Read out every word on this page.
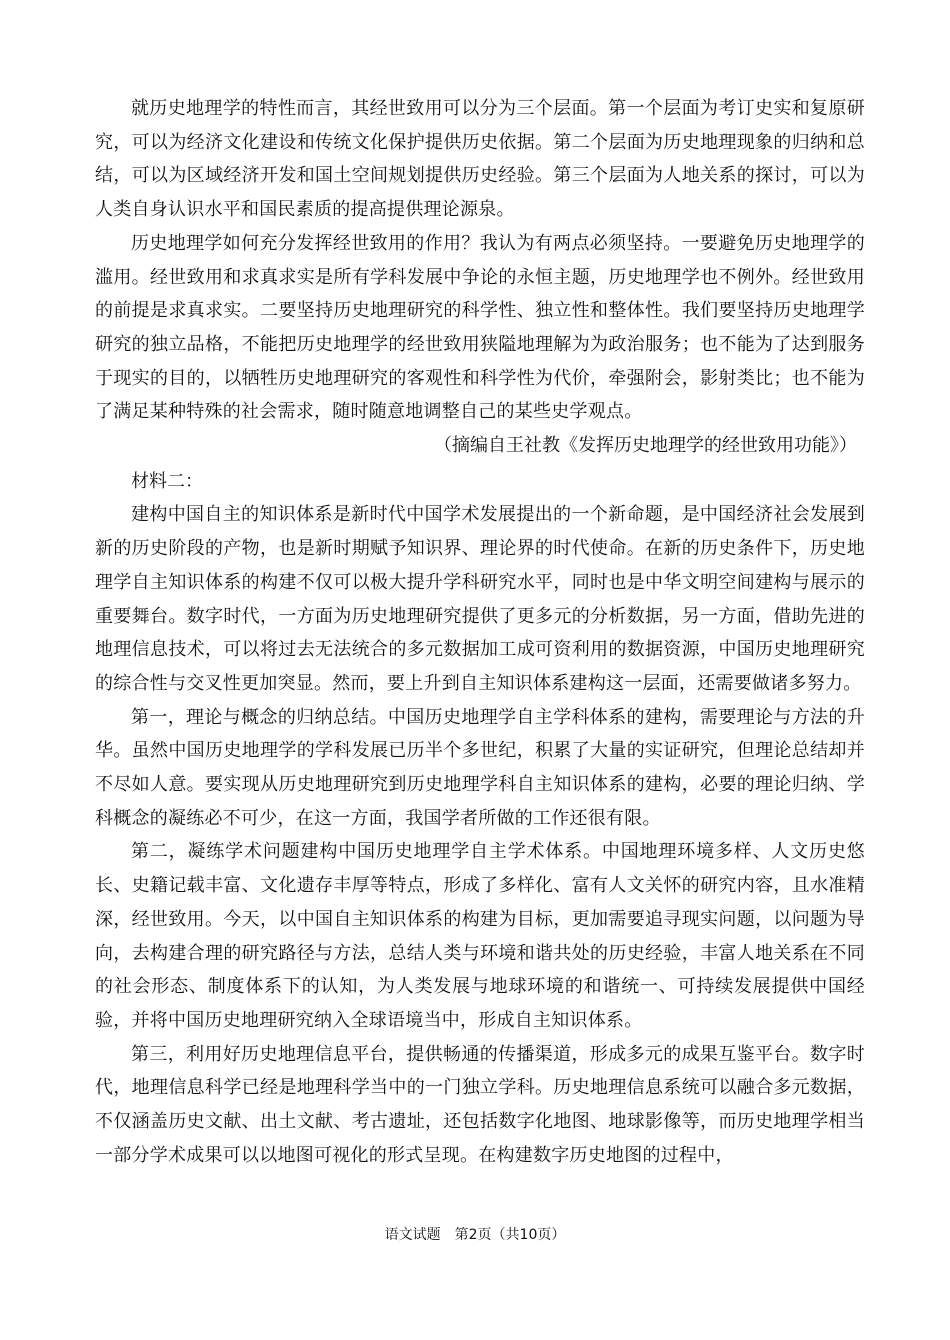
就历史地理学的特性而言，其经世致用可以分为三个层面。第一个层面为考订史实和复原研究，可以为经济文化建设和传统文化保护提供历史依据。第二个层面为历史地理现象的归纳和总结，可以为区域经济开发和国土空间规划提供历史经验。第三个层面为人地关系的探讨，可以为人类自身认识水平和国民素质的提高提供理论源泉。

历史地理学如何充分发挥经世致用的作用？我认为有两点必须坚持。一要避免历史地理学的滥用。经世致用和求真求实是所有学科发展中争论的永恒主题，历史地理学也不例外。经世致用的前提是求真求实。二要坚持历史地理研究的科学性、独立性和整体性。我们要坚持历史地理学研究的独立品格，不能把历史地理学的经世致用狭隘地理解为为政治服务；也不能为了达到服务于现实的目的，以牺牲历史地理研究的客观性和科学性为代价，牵强附会，影射类比；也不能为了满足某种特殊的社会需求，随时随意地调整自己的某些史学观点。

（摘编自王社教《发挥历史地理学的经世致用功能》）

材料二：

建构中国自主的知识体系是新时代中国学术发展提出的一个新命题，是中国经济社会发展到新的历史阶段的产物，也是新时期赋予知识界、理论界的时代使命。在新的历史条件下，历史地理学自主知识体系的构建不仅可以极大提升学科研究水平，同时也是中华文明空间建构与展示的重要舞台。数字时代，一方面为历史地理研究提供了更多元的分析数据，另一方面，借助先进的地理信息技术，可以将过去无法统合的多元数据加工成可资利用的数据资源，中国历史地理研究的综合性与交叉性更加突显。然而，要上升到自主知识体系建构这一层面，还需要做诸多努力。

第一，理论与概念的归纳总结。中国历史地理学自主学科体系的建构，需要理论与方法的升华。虽然中国历史地理学的学科发展已历半个多世纪，积累了大量的实证研究，但理论总结却并不尽如人意。要实现从历史地理研究到历史地理学科自主知识体系的建构，必要的理论归纳、学科概念的凝练必不可少，在这一方面，我国学者所做的工作还很有限。

第二，凝练学术问题建构中国历史地理学自主学术体系。中国地理环境多样、人文历史悠长、史籍记载丰富、文化遗存丰厚等特点，形成了多样化、富有人文关怀的研究内容，且水准精深，经世致用。今天，以中国自主知识体系的构建为目标，更加需要追寻现实问题，以问题为导向，去构建合理的研究路径与方法，总结人类与环境和谐共处的历史经验，丰富人地关系在不同的社会形态、制度体系下的认知，为人类发展与地球环境的和谐统一、可持续发展提供中国经验，并将中国历史地理研究纳入全球语境当中，形成自主知识体系。

第三，利用好历史地理信息平台，提供畅通的传播渠道，形成多元的成果互鉴平台。数字时代，地理信息科学已经是地理科学当中的一门独立学科。历史地理信息系统可以融合多元数据，不仅涵盖历史文献、出土文献、考古遗址，还包括数字化地图、地球影像等，而历史地理学相当一部分学术成果可以以地图可视化的形式呈现。在构建数字历史地图的过程中，

语文试题　第2页（共10页）
